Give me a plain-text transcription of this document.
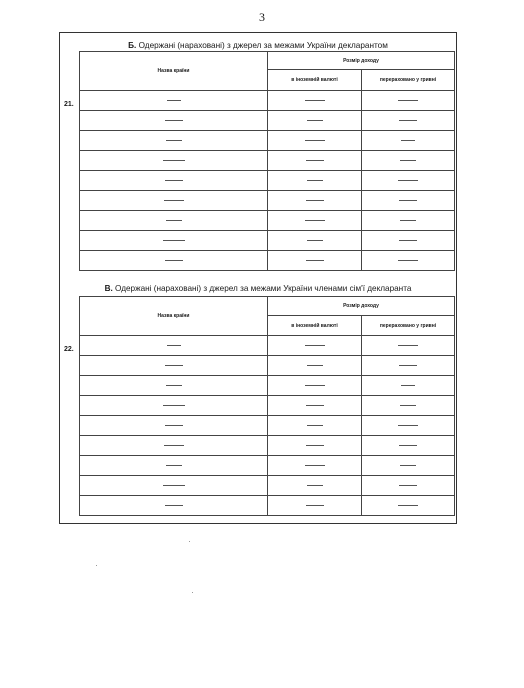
3
Б. Одержані (нараховані) з джерел за межами України декларантом
21.
Назва країни	Розмір доходу	
	в іноземній валюті	перераховано у гривні

В. Одержані (нараховані) з джерел за межами України членами сім'ї декларанта
22.
Назва країни	Розмір доходу	
	в іноземній валюті	перераховано у гривні
